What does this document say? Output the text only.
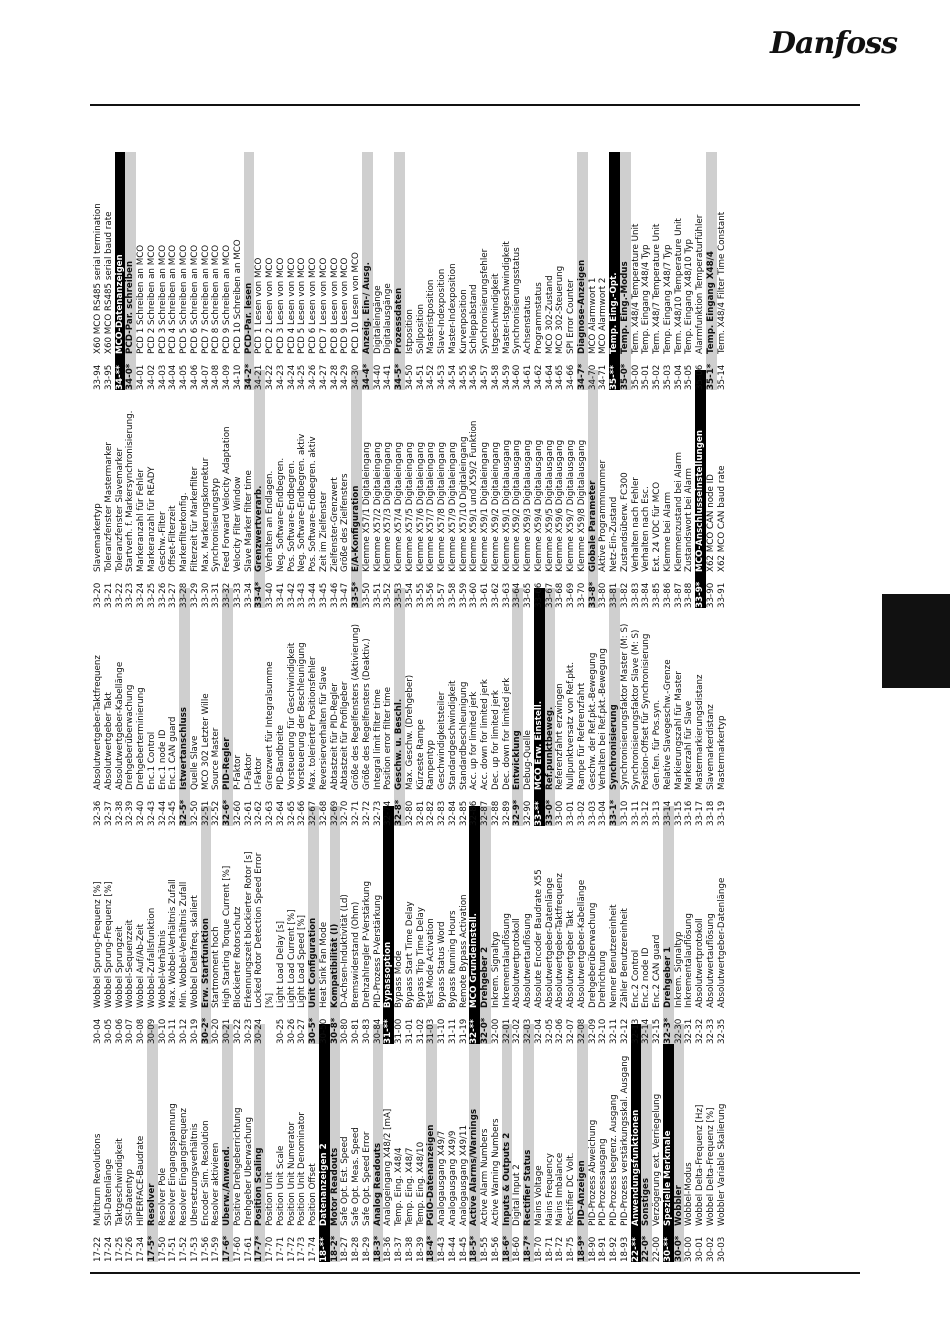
Danfoss
17-22
Multiturn Revolutions
17-24
SSI-Datenlänge
17-25
Taktgeschwindigkeit
17-26
SSI-Datentyp
17-34
HIPERFACE-Baudrate
17-5*
Resolver
17-50
Resolver Pole
17-51
Resolver Eingangsspannung
17-52
Resolver Eingangsfrequenz
17-53
Übersetzungsverhältnis
17-56
Encoder Sim. Resolution
17-59
Resolver aktivieren
17-6*
Überw./Anwend.
17-60
Positive Drehgeberrichtung
17-61
Drehgeber Überwachung
17-7*
Position Scaling
17-70
Position Unit
17-71
Position Unit Scale
17-72
Position Unit Numerator
17-73
Position Unit Denominator
17-74
Position Offset
18-**
Datenanzeigen 2
18-2*
Motor Readouts
18-27
Safe Opt. Est. Speed
18-28
Safe Opt. Meas. Speed
18-29
Safe Opt. Speed Error
18-3*
Analog Readouts
18-36
Analogeingang X48/2 [mA]
18-37
Temp. Eing. X48/4
18-38
Temp. Eing. X48/7
18-39
Temp. Eing. X48/10
18-4*
PGIO-Datenanzeigen
18-43
Analogausgang X49/7
18-44
Analogausgang X49/9
18-45
Analogausgang X49/11
18-5*
Active Alarms/Warnings
18-55
Active Alarm Numbers
18-56
Active Warning Numbers
18-6*
Inputs & Outputs 2
18-60
Digital Input 2
18-7*
Rectifier Status
18-70
Mains Voltage
18-71
Mains Frequency
18-72
Mains Imbalance
18-75
Rectifier DC Volt.
18-9*
PID-Anzeigen
18-90
PID-Prozess Abweichung
18-91
PID-Prozessausgang
18-92
PID-Prozess begrenz. Ausgang
18-93
PID-Prozess verstärkungsskal. Ausgang
22-**
Anwendungsfunktionen
22-0*
Sonstiges
22-00
Verzögerung ext. Verriegelung
30-**
Spezielle Merkmale
30-0*
Wobbler
30-00
Wobbel-Modus
30-01
Wobbel Delta-Frequenz [Hz]
30-02
Wobbel Delta-Frequenz [%]
30-03
Wobbler Variable Skalierung
30-04
Wobbel Sprung-Frequenz [%]
30-05
Wobbel Sprung-Frequenz [%]
30-06
Wobbel Sprungzeit
30-07
Wobbel-Sequenzzeit
30-08
Wobbel Auf/Ab-Zeit
30-09
Wobbel-Zufallsfunktion
30-10
Wobbel-Verhältnis
30-11
Max. Wobbel-Verhältnis Zufall
30-12
Min. Wobbel-Verhältnis Zufall
30-19
Wobbel Deltafreq. skaliert
30-2*
Erw. Startfunktion
30-20
Startmoment hoch
30-21
High Starting Torque Current [%]
30-22
Blockierter Rotorschutz
30-23
Erkennungszeit blockierter Rotor [s]
30-24
Locked Rotor Detection Speed Error [%]
30-25
Light Load Delay [s]
30-26
Light Load Current [%]
30-27
Light Load Speed [%]
30-5*
Unit Configuration
30-50
Heat Sink Fan Mode
30-8*
Kompatibilität (I)
30-80
D-Achsen-Induktivität (Ld)
30-81
Bremswiderstand (Ohm)
30-83
Drehzahlregler P-Verstärkung
30-84
PID-Prozess P-Verstärkung
31-**
Bypassoption
31-00
Bypass Mode
31-01
Bypass Start Time Delay
31-02
Bypass Trip Time Delay
31-03
Test Mode Activation
31-10
Bypass Status Word
31-11
Bypass Running Hours
31-19
Remote Bypass Activation
32-**
MCO Grundeinstell.
32-0*
Drehgeber 2
32-00
Inkrem. Signaltyp
32-01
Inkrementalauflösung
32-02
Absolutwertprotokoll
32-03
Absolutwertauflösung
32-04
Absolute Encoder Baudrate X55
32-05
Absolutwertgeber-Datenlänge
32-06
Absolutwertgeber-Taktfrequenz
32-07
Absolutwertgeber Takt
32-08
Absolutwertgeber-Kabellänge
32-09
Drehgeberüberwachung
32-10
Drehrichtung
32-11
Nenner Benutzereinheit
32-12
Zähler Benutzereinheit
32-13
Enc.2 Control
32-14
Enc.2 node ID
32-15
Enc.2 CAN guard
32-3*
Drehgeber 1
32-30
Inkrem. Signaltyp
32-31
Inkrementalauflösung
32-32
Absolutwertprotokoll
32-33
Absolutwertauflösung
32-35
Absolutwertgeber-Datenlänge
32-36
Absolutwertgeber-Taktfrequenz
32-37
Absolutwertgeber Takt
32-38
Absolutwertgeber-Kabellänge
32-39
Drehgeberüberwachung
32-40
Drehgeberterminierung
32-43
Enc.1 Control
32-44
Enc.1 node ID
32-45
Enc.1 CAN guard
32-5*
Istwertanschluss
32-50
Quelle Slave
32-51
MCO 302 Letzter Wille
32-52
Source Master
32-6*
PID-Regler
32-60
P-Faktor
32-61
D-Faktor
32-62
I-Faktor
32-63
Grenzwert für Integralsumme
32-64
PID-Bandbreite
32-65
Vorsteuerung für Geschwindigkeit
32-66
Vorsteuerung der Beschleunigung
32-67
Max. tolerierter Positionsfehler
32-68
Reversierverhalten für Slave
32-69
Abtastzeit für PID-Regler
32-70
Abtastzeit für Profilgeber
32-71
Größe des Regelfensters (Aktivierung)
32-72
Größe des Regelfensters (Deaktiv.)
32-73
Integral limit filter time
32-74
Position error filter time
32-8*
Geschw. u. Beschl.
32-80
Max. Geschw. (Drehgeber)
32-81
Kürzeste Rampe
32-82
Rampentyp
32-83
Geschwindigkeitsteiler
32-84
Standardgeschwindigkeit
32-85
Standardbeschleunigung
32-86
Acc. up for limited jerk
32-87
Acc. down for limited jerk
32-88
Dec. up for limited jerk
32-89
Dec. down for limited jerk
32-9*
Entwicklung
32-90
Debug-Quelle
33-**
MCO Erw. Einstell.
33-0*
Ref.punktbeweg.
33-00
Referenzfahrt erzwingen
33-01
Nullpunktversatz von Ref.pkt.
33-02
Rampe für Referenzfahrt
33-03
Geschw. der Ref.pkt.-Bewegung
33-04
Verhalten bei Ref.pkt.-Bewegung
33-1*
Synchronisierung
33-10
Synchronisierungsfaktor Master (M: S)
33-11
Synchronisierungsfaktor Slave (M: S)
33-12
Position-Offset für Synchronisierung
33-13
Gen.fen. für Pos.syn.
33-14
Relative Slavegeschw.-Grenze
33-15
Markierungszahl für Master
33-16
Markerzahl für Slave
33-17
Mastermarkierungsdistanz
33-18
Slavemarkerdistanz
33-19
Mastermarkertyp
33-20
Slavemarkertyp
33-21
Toleranzfenster Mastermarker
33-22
Toleranzfenster Slavemarker
33-23
Startverh. f. Markersynchronisierung.
33-24
Markeranzahl für Fehler
33-25
Markeranzahl für READY
33-26
Geschw.-Filter
33-27
Offset-Filterzeit
33-28
Markerfilterkonfig.
33-29
Filterzeit für Markerfilter
33-30
Max. Markerungskorrektur
33-31
Synchronisierungstyp
33-32
Feed Forward Velocity Adaptation
33-33
Velocity Filter Window
33-34
Slave Marker filter time
33-4*
Grenzwertverarb.
33-40
Verhalten an Endlagen.
33-41
Neg. Software-Endbegren.
33-42
Pos. Software-Endbegren.
33-43
Neg. Software-Endbegren. aktiv
33-44
Pos. Software-Endbegren. aktiv
33-45
Zeit im Zielfenster
33-46
Zielfenster-Grenzwert
33-47
Größe des Zielfensters
33-5*
E/A-Konfiguration
33-50
Klemme X57/1 Digitaleingang
33-51
Klemme X57/2 Digitaleingang
33-52
Klemme X57/3 Digitaleingang
33-53
Klemme X57/4 Digitaleingang
33-54
Klemme X57/5 Digitaleingang
33-55
Klemme X57/6 Digitaleingang
33-56
Klemme X57/7 Digitaleingang
33-57
Klemme X57/8 Digitaleingang
33-58
Klemme X57/9 Digitaleingang
33-59
Klemme X57/10 Digitaleingang
33-60
Klemme X59/1 und X59/2 Funktion
33-61
Klemme X59/1 Digitaleingang
33-62
Klemme X59/2 Digitaleingang
33-63
Klemme X59/1 Digitalausgang
33-64
Klemme X59/2 Digitalausgang
33-65
Klemme X59/3 Digitalausgang
33-66
Klemme X59/4 Digitalausgang
33-67
Klemme X59/5 Digitalausgang
33-68
Klemme X59/6 Digitalausgang
33-69
Klemme X59/7 Digitalausgang
33-70
Klemme X59/8 Digitalausgang
33-8*
Globale Parameter
33-80
Aktive Programmnummer
33-81
Netz-Ein-Zustand
33-82
Zustandsüberw. FC300
33-83
Verhalten nach Fehler
33-84
Verhalten nach Esc.
33-85
Ext. 24 VDC für MCO
33-86
Klemme bei Alarm
33-87
Klemmenzustand bei Alarm
33-88
Zustandswort bei Alarm
33-9*
MCO-Anschlusseinstellungen
33-90
X62 MCO CAN node ID
33-91
X62 MCO CAN baud rate
33-94
X60 MCO RS485 serial termination
33-95
X60 MCO RS485 serial baud rate
34-**
MCO-Datenanzeigen
34-0*
PCD-Par. schreiben
34-01
PCD 1 Schreiben an MCO
34-02
PCD 2 Schreiben an MCO
34-03
PCD 3 Schreiben an MCO
34-04
PCD 4 Schreiben an MCO
34-05
PCD 5 Schreiben an MCO
34-06
PCD 6 Schreiben an MCO
34-07
PCD 7 Schreiben an MCO
34-08
PCD 8 Schreiben an MCO
34-09
PCD 9 Schreiben an MCO
34-10
PCD 10 Schreiben an MCO
34-2*
PCD-Par. lesen
34-21
PCD 1 Lesen von MCO
34-22
PCD 2 Lesen von MCO
34-23
PCD 3 Lesen von MCO
34-24
PCD 4 Lesen von MCO
34-25
PCD 5 Lesen von MCO
34-26
PCD 6 Lesen von MCO
34-27
PCD 7 Lesen von MCO
34-28
PCD 8 Lesen von MCO
34-29
PCD 9 Lesen von MCO
34-30
PCD 10 Lesen von MCO
34-4*
Anzeig. Ein-/ Ausg.
34-40
Digitaleingänge
34-41
Digitalausgänge
34-5*
Prozessdaten
34-50
Istposition
34-51
Sollposition
34-52
Masteristposition
34-53
Slave-Indexposition
34-54
Master-Indexposition
34-55
Kurvenposition
34-56
Schleppabstand
34-57
Synchronisierungsfehler
34-58
Istgeschwindigkeit
34-59
Master-Istgeschwindigkeit
34-60
Synchronisierungsstatus
34-61
Achsenstatus
34-62
Programmstatus
34-64
MCO 302-Zustand
34-65
MCO 302-Steuerung
34-66
SPI Error Counter
34-7*
Diagnose-Anzeigen
34-70
MCO Alarmwort 1
34-71
MCO Alarmwort 2
35-**
Temp. Eing.-Opt.
35-0*
Temp. Eing.-Modus
35-00
Term. X48/4 Temperature Unit
35-01
Temp. Eingang X48/4 Typ
35-02
Term. X48/7 Temperature Unit
35-03
Temp. Eingang X48/7 Typ
35-04
Term. X48/10 Temperature Unit
35-05
Temp. Eingang X48/10 Typ
35-06
Alarmfunktion Temperaturfühler
35-1*
Temp. Eingang X48/4
35-14
Term. X48/4 Filter Time Constant
